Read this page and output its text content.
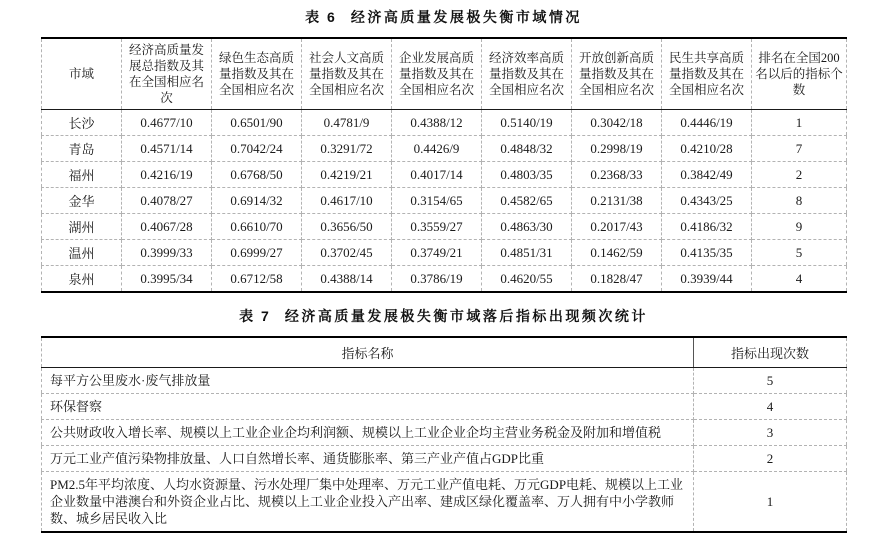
表 6 经济高质量发展极失衡市域情况
市域	经济高质量发展总指数及其在全国相应名次	绿色生态高质量指数及其在全国相应名次	社会人文高质量指数及其在全国相应名次	企业发展高质量指数及其在全国相应名次	经济效率高质量指数及其在全国相应名次	开放创新高质量指数及其在全国相应名次	民生共享高质量指数及其在全国相应名次	排名在全国200名以后的指标个数
长沙	0.4677/10	0.6501/90	0.4781/9	0.4388/12	0.5140/19	0.3042/18	0.4446/19	1
青岛	0.4571/14	0.7042/24	0.3291/72	0.4426/9	0.4848/32	0.2998/19	0.4210/28	7
福州	0.4216/19	0.6768/50	0.4219/21	0.4017/14	0.4803/35	0.2368/33	0.3842/49	2
金华	0.4078/27	0.6914/32	0.4617/10	0.3154/65	0.4582/65	0.2131/38	0.4343/25	8
湖州	0.4067/28	0.6610/70	0.3656/50	0.3559/27	0.4863/30	0.2017/43	0.4186/32	9
温州	0.3999/33	0.6999/27	0.3702/45	0.3749/21	0.4851/31	0.1462/59	0.4135/35	5
泉州	0.3995/34	0.6712/58	0.4388/14	0.3786/19	0.4620/55	0.1828/47	0.3939/44	4
表 7 经济高质量发展极失衡市域落后指标出现频次统计
指标名称	指标出现次数
每平方公里废水·废气排放量	5
环保督察	4
公共财政收入增长率、规模以上工业企业企均利润额、规模以上工业企业企均主营业务税金及附加和增值税	3
万元工业产值污染物排放量、人口自然增长率、通货膨胀率、第三产业产值占GDP比重	2
PM2.5年平均浓度、人均水资源量、污水处理厂集中处理率、万元工业产值电耗、万元GDP电耗、规模以上工业企业数量中港澳台和外资企业占比、规模以上工业企业投入产出率、建成区绿化覆盖率、万人拥有中小学教师数、城乡居民收入比	1
